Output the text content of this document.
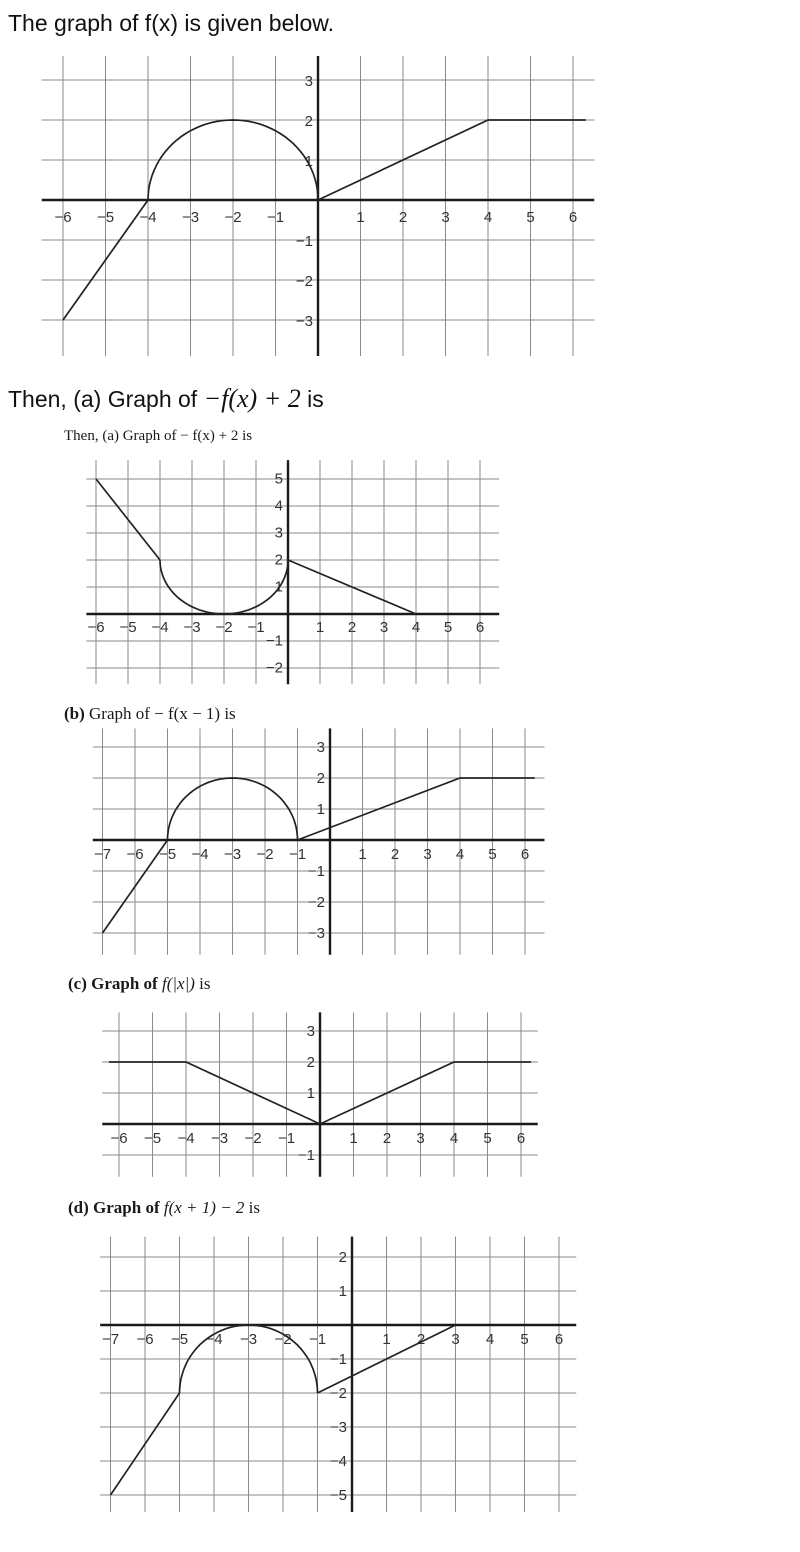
The graph of f(x) is given below.
−6 −5 −4 −3 −2 −1	1 2 3 4 5 6
−3
−2
−1
1
2
3
−6 −5 −4 −3 −2 −1	1 2 3 4 5 6
−2
−1
1
2
3
4
5
−7 −6 −5 −4 −3 −2 −1	1 2 3 4 5 6
−3
−2
−1
1
2
3
−6 −5 −4 −3 −2 −1	1 2 3 4 5 6
−1
1
2
3
−7 −6 −5 −4 −3 −2 −1	1 2 3 4 5 6
−5
−4
−3
−2
−1
1
2
Then, (a) Graph of −f(x) + 2 is
Then, (a) Graph of − f(x) + 2 is
(b) Graph of − f(x − 1) is
(c) Graph of f(|x|) is
(d) Graph of f(x + 1) − 2 is
